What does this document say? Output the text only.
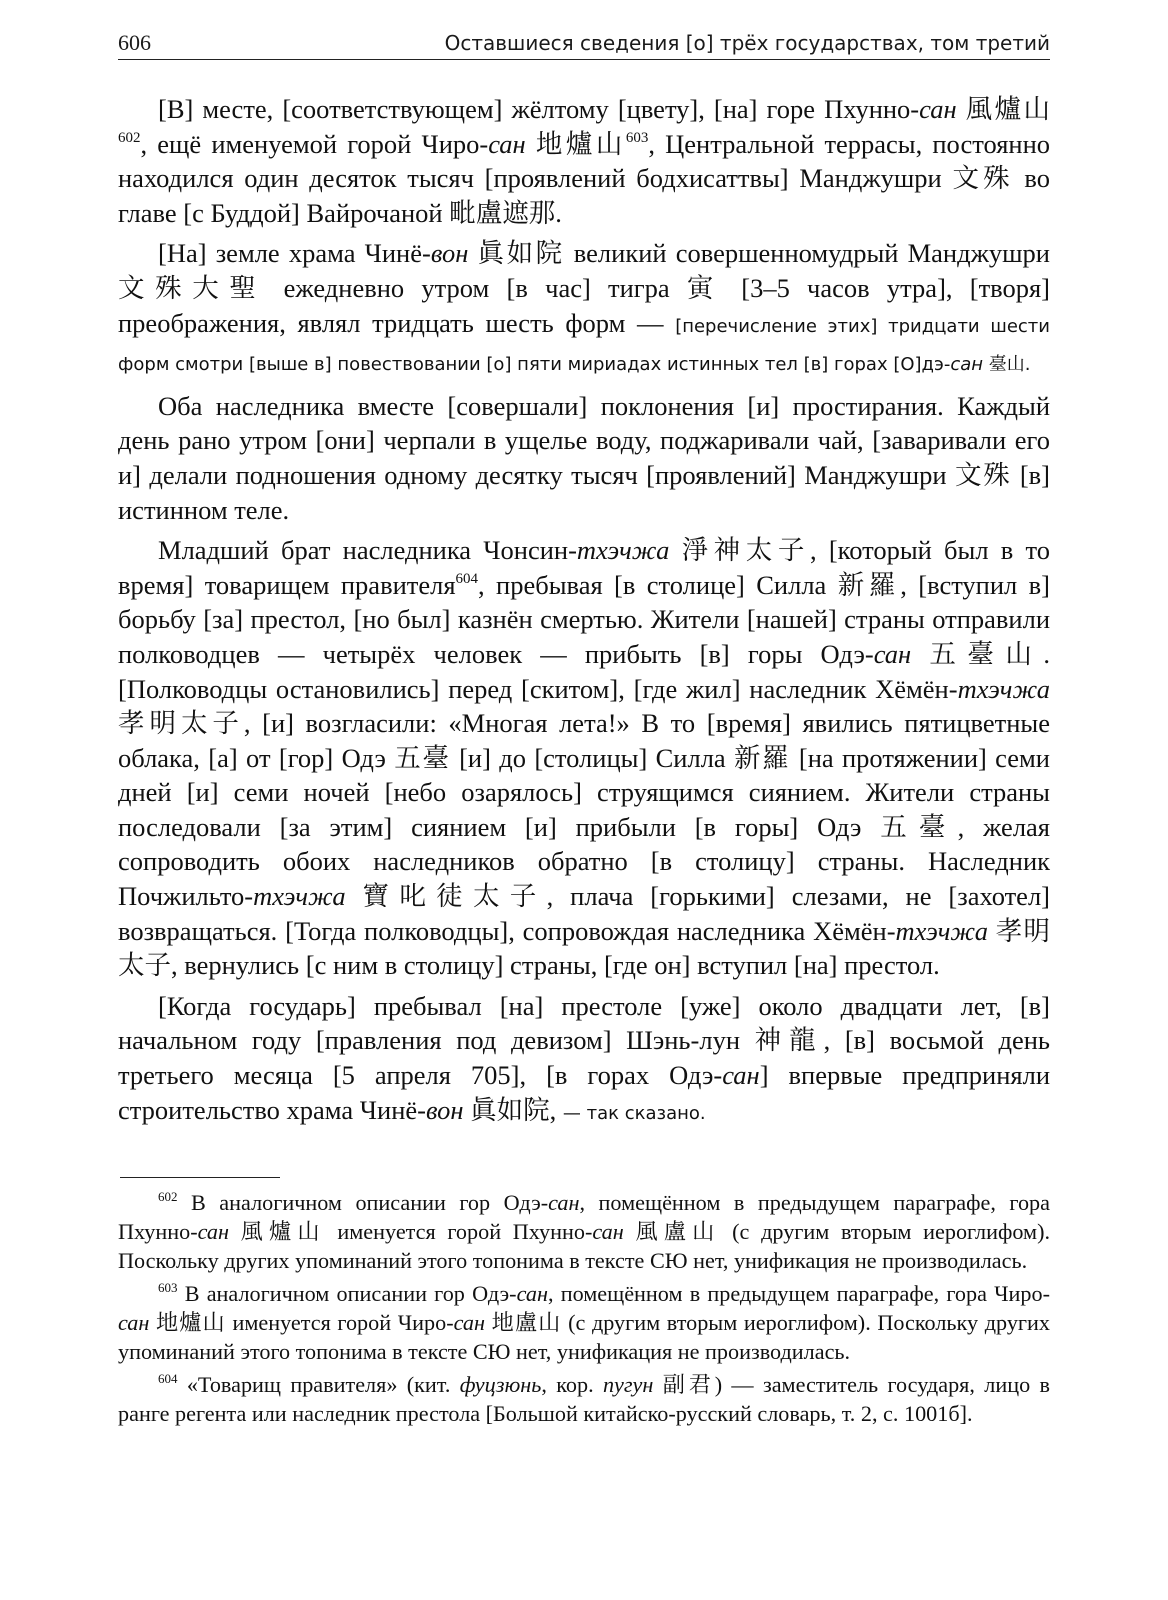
606	Оставшиеся сведения [о] трёх государствах, том третий

[В] месте, [соответствующем] жёлтому [цвету], [на] горе Пхунно-сан 風爐山$^{602}$, ещё именуемой горой Чиро-сан 地爐山$^{603}$, Центральной террасы, постоянно находился один десяток тысяч [проявлений бодхисаттвы] Манджушри 文殊 во главе [с Буддой] Вайрочаной 毗盧遮那.

[На] земле храма Чинё-вон 眞如院 великий совершенномудрый Манджушри 文殊大聖 ежедневно утром [в час] тигра 寅 [3–5 часов утра], [творя] преображения, являл тридцать шесть форм — [перечисление этих] тридцати шести форм смотри [выше в] повествовании [о] пяти мириадах истинных тел [в] горах [О]дэ-сан 臺山.

Оба наследника вместе [совершали] поклонения [и] простирания. Каждый день рано утром [они] черпали в ущелье воду, поджаривали чай, [заваривали его и] делали подношения одному десятку тысяч [проявлений] Манджушри 文殊 [в] истинном теле.

Младший брат наследника Чонсин-тхэчжа 淨神太子, [который был в то время] товарищем правителя$^{604}$, пребывая [в столице] Силла 新羅, [вступил в] борьбу [за] престол, [но был] казнён смертью. Жители [нашей] страны отправили полководцев — четырёх человек — прибыть [в] горы Одэ-сан 五臺山. [Полководцы остановились] перед [скитом], [где жил] наследник Хёмён-тхэчжа 孝明太子, [и] возгласили: «Многая лета!» В то [время] явились пятицветные облака, [а] от [гор] Одэ 五臺 [и] до [столицы] Силла 新羅 [на протяжении] семи дней [и] семи ночей [небо озарялось] струящимся сиянием. Жители страны последовали [за этим] сиянием [и] прибыли [в горы] Одэ 五臺, желая сопроводить обоих наследников обратно [в столицу] страны. Наследник Почжильто-тхэчжа 寶叱徒太子, плача [горькими] слезами, не [захотел] возвращаться. [Тогда полководцы], сопровождая наследника Хёмён-тхэчжа 孝明太子, вернулись [с ним в столицу] страны, [где он] вступил [на] престол.

[Когда государь] пребывал [на] престоле [уже] около двадцати лет, [в] начальном году [правления под девизом] Шэнь-лун 神龍, [в] восьмой день третьего месяца [5 апреля 705], [в горах Одэ-сан] впервые предприняли строительство храма Чинё-вон 眞如院, — так сказано.

$^{602}$ В аналогичном описании гор Одэ-сан, помещённом в предыдущем параграфе, гора Пхунно-сан 風爐山 именуется горой Пхунно-сан 風盧山 (с другим вторым иероглифом). Поскольку других упоминаний этого топонима в тексте СЮ нет, унификация не производилась.

$^{603}$ В аналогичном описании гор Одэ-сан, помещённом в предыдущем параграфе, гора Чиро-сан 地爐山 именуется горой Чиро-сан 地盧山 (с другим вторым иероглифом). Поскольку других упоминаний этого топонима в тексте СЮ нет, унификация не производилась.

$^{604}$ «Товарищ правителя» (кит. фуцзюнь, кор. пугун 副君) — заместитель государя, лицо в ранге регента или наследник престола [Большой китайско-русский словарь, т. 2, с. 1001б].
